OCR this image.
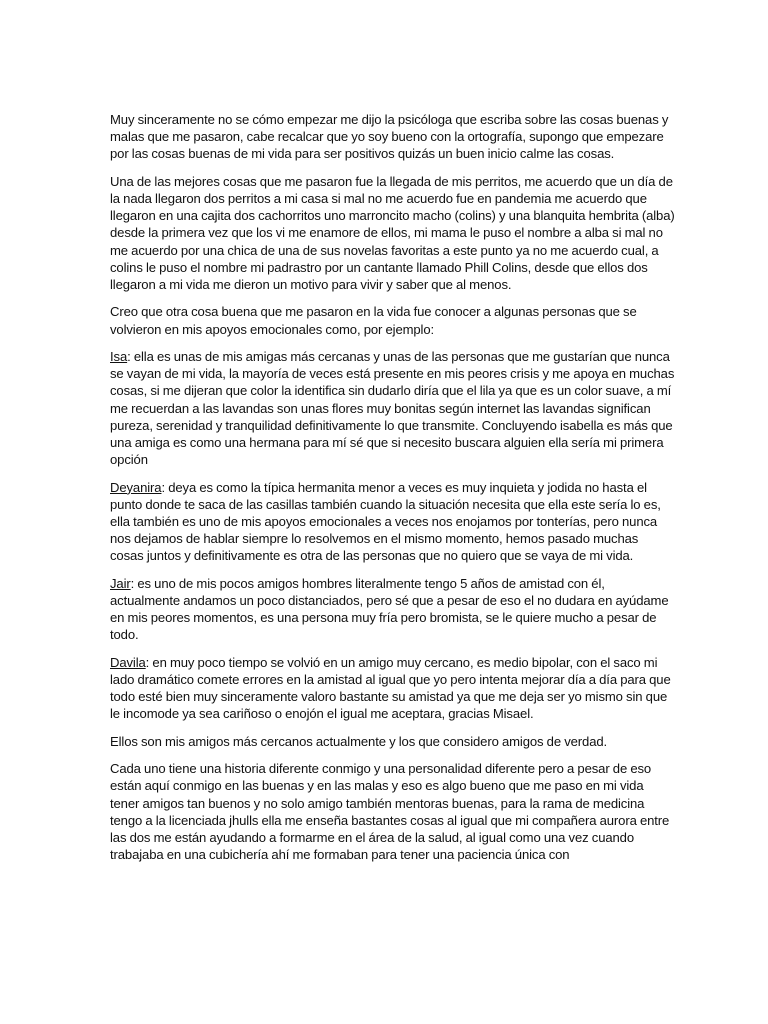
Muy sinceramente no se cómo empezar me dijo la psicóloga que escriba sobre las cosas buenas y malas que me pasaron, cabe recalcar que yo soy bueno con la ortografía, supongo que empezare por las cosas buenas de mi vida para ser positivos quizás un buen inicio calme las cosas.

Una de las mejores cosas que me pasaron fue la llegada de mis perritos, me acuerdo que un día de la nada llegaron dos perritos a mi casa si mal no me acuerdo fue en pandemia me acuerdo que llegaron en una cajita dos cachorritos uno marroncito macho (colins) y una blanquita hembrita (alba) desde la primera vez que los vi me enamore de ellos, mi mama le puso el nombre a alba si mal no me acuerdo por una chica de una de sus novelas favoritas a este punto ya no me acuerdo cual, a colins le puso el nombre mi padrastro por un cantante llamado Phill Colins, desde que ellos dos llegaron a mi vida me dieron un motivo para vivir y saber que al menos.

Creo que otra cosa buena que me pasaron en la vida fue conocer a algunas personas que se volvieron en mis apoyos emocionales como, por ejemplo:

Isa: ella es unas de mis amigas más cercanas y unas de las personas que me gustarían que nunca se vayan de mi vida, la mayoría de veces está presente en mis peores crisis y me apoya en muchas cosas, si me dijeran que color la identifica sin dudarlo diría que el lila ya que es un color suave, a mí me recuerdan a las lavandas son unas flores muy bonitas según internet las lavandas significan pureza, serenidad y tranquilidad definitivamente lo que transmite. Concluyendo isabella es más que una amiga es como una hermana para mí sé que si necesito buscara alguien ella sería mi primera opción

Deyanira: deya es como la típica hermanita menor a veces es muy inquieta y jodida no hasta el punto donde te saca de las casillas también cuando la situación necesita que ella este sería lo es, ella también es uno de mis apoyos emocionales a veces nos enojamos por tonterías, pero nunca nos dejamos de hablar siempre lo resolvemos en el mismo momento, hemos pasado muchas cosas juntos y definitivamente es otra de las personas que no quiero que se vaya de mi vida.

Jair: es uno de mis pocos amigos hombres literalmente tengo 5 años de amistad con él, actualmente andamos un poco distanciados, pero sé que a pesar de eso el no dudara en ayúdame en mis peores momentos, es una persona muy fría pero bromista, se le quiere mucho a pesar de todo.

Davila: en muy poco tiempo se volvió en un amigo muy cercano, es medio bipolar, con el saco mi lado dramático comete errores en la amistad al igual que yo pero intenta mejorar día a día para que todo esté bien muy sinceramente valoro bastante su amistad ya que me deja ser yo mismo sin que le incomode ya sea cariñoso o enojón el igual me aceptara, gracias Misael.

Ellos son mis amigos más cercanos actualmente y los que considero amigos de verdad.

Cada uno tiene una historia diferente conmigo y una personalidad diferente pero a pesar de eso están aquí conmigo en las buenas y en las malas y eso es algo bueno que me paso en mi vida tener amigos tan buenos y no solo amigo también mentoras buenas, para la rama de medicina tengo a la licenciada jhulls ella me enseña bastantes cosas al igual que mi compañera aurora entre las dos me están ayudando a formarme en el área de la salud, al igual como una vez cuando trabajaba en una cubichería ahí me formaban para tener una paciencia única con
